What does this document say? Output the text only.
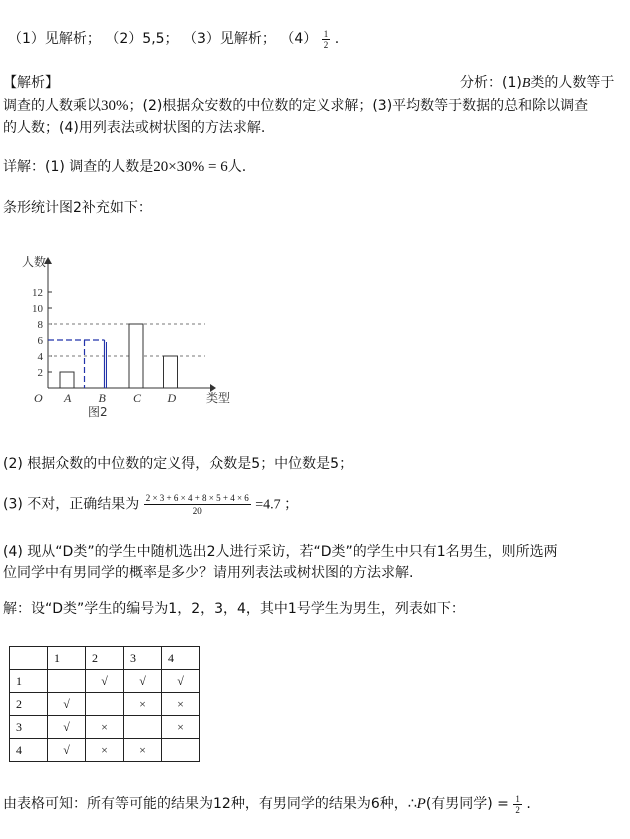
（1）见解析； （2）5,5； （3）见解析； $(4) \frac{1}{2}$ .
【解析】	分析：(1)B类的人数等于
调查的人数乘以30%；(2)根据众安数的中位数的定义求解；(3)平均数等于数据的总和除以调查
的人数；(4)用列表法或树状图的方法求解.
详解：(1) 调查的人数是20×30% = 6人.
条形统计图2补充如下：
人数
类型
O
图2
2
4
6
8
10
12
A B C D
(2) 根据众数的中位数的定义得，众数是5；中位数是5；
(3) 不对，正确结果为 $\frac{2 \times 3 + 6 \times 4 + 8 \times 5 + 4 \times 6}{20} =4.7$ ；
(4) 现从“D类”的学生中随机选出2人进行采访，若“D类”的学生中只有1名男生，则所选两
位同学中有男同学的概率是多少？请用列表法或树状图的方法求解.
解：设“D类”学生的编号为1，2，3，4，其中1号学生为男生，列表如下：
	1	2	3	4
1		√	√	√
2	√		×	×
3	√	×		×
4	√	×	×	
由表格可知：所有等可能的结果为12种，有男同学的结果为6种，∴P(有男同学) = $\frac{1}{2}$ .
